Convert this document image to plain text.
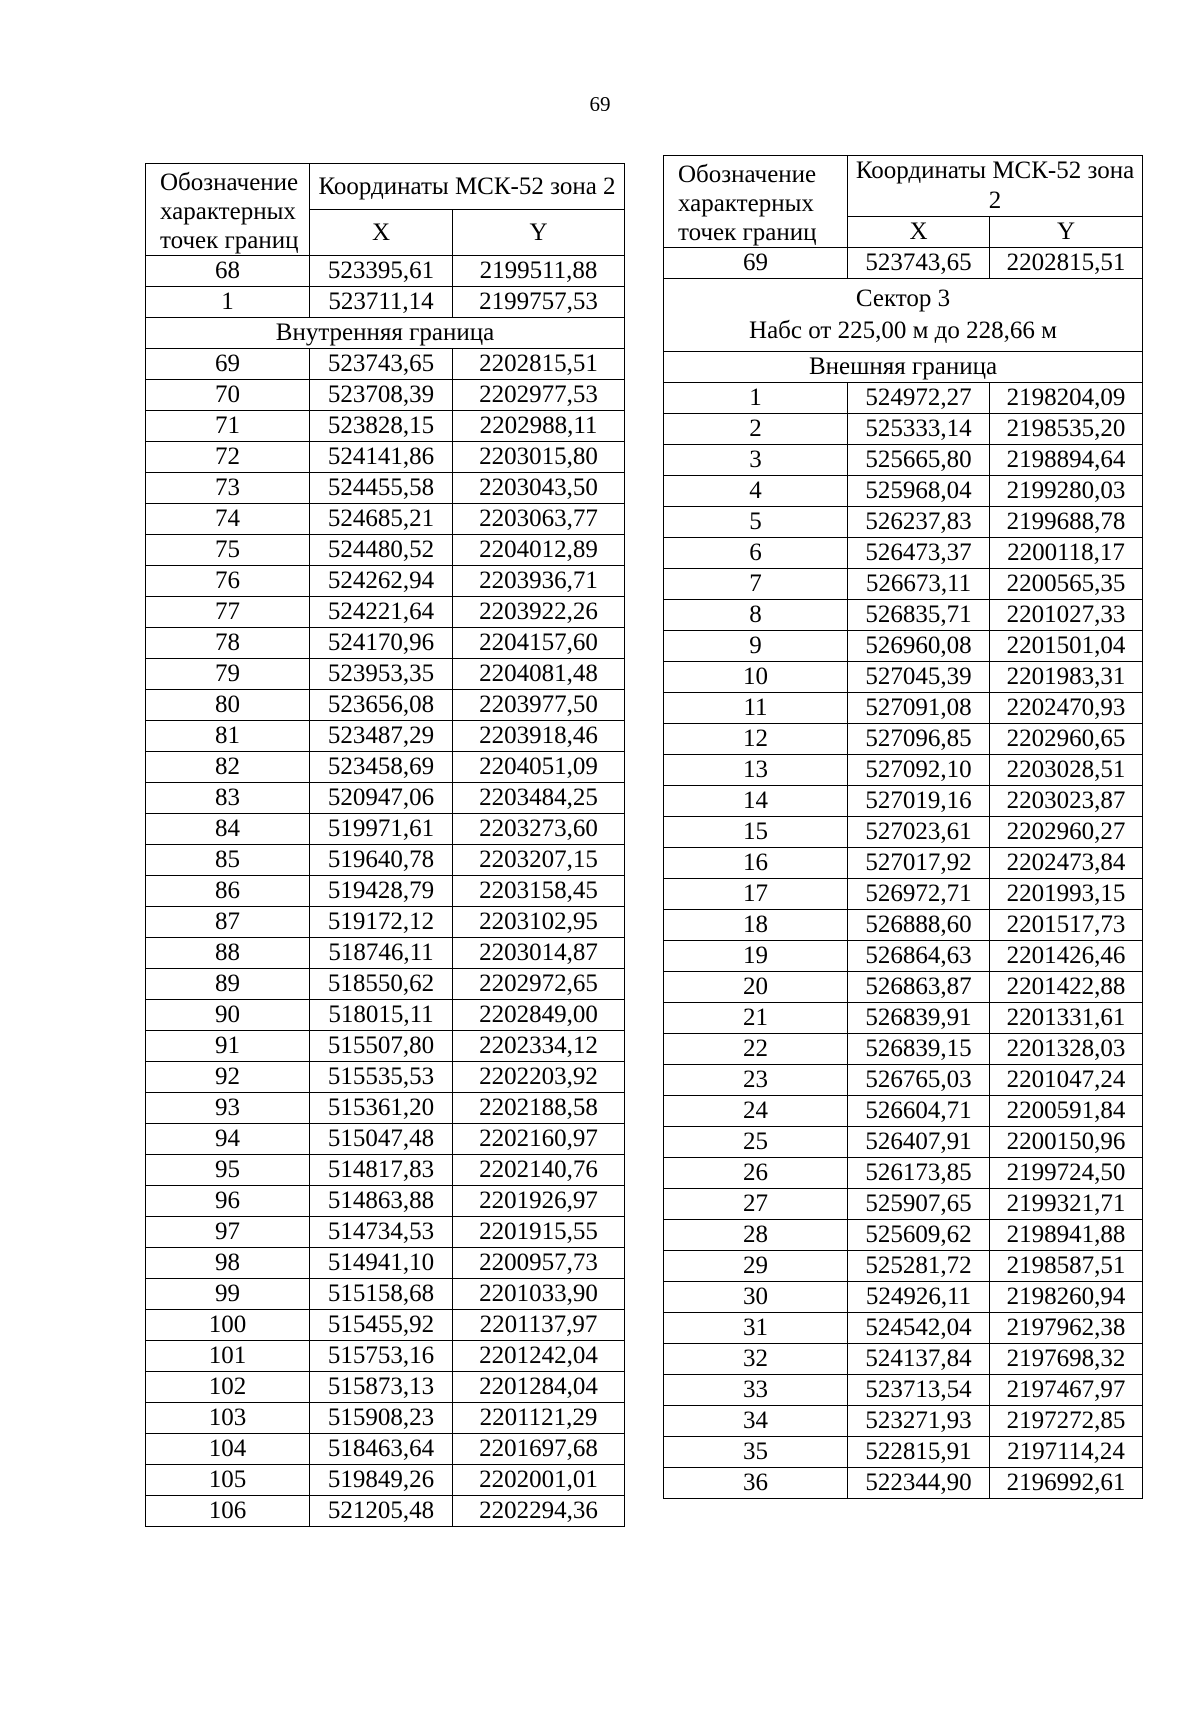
69
Обозначение характерных точек границ	Координаты МСК-52 зона 2	
	X	Y
68	523395,61	2199511,88
1	523711,14	2199757,53
Внутренняя граница		
69	523743,65	2202815,51
70	523708,39	2202977,53
71	523828,15	2202988,11
72	524141,86	2203015,80
73	524455,58	2203043,50
74	524685,21	2203063,77
75	524480,52	2204012,89
76	524262,94	2203936,71
77	524221,64	2203922,26
78	524170,96	2204157,60
79	523953,35	2204081,48
80	523656,08	2203977,50
81	523487,29	2203918,46
82	523458,69	2204051,09
83	520947,06	2203484,25
84	519971,61	2203273,60
85	519640,78	2203207,15
86	519428,79	2203158,45
87	519172,12	2203102,95
88	518746,11	2203014,87
89	518550,62	2202972,65
90	518015,11	2202849,00
91	515507,80	2202334,12
92	515535,53	2202203,92
93	515361,20	2202188,58
94	515047,48	2202160,97
95	514817,83	2202140,76
96	514863,88	2201926,97
97	514734,53	2201915,55
98	514941,10	2200957,73
99	515158,68	2201033,90
100	515455,92	2201137,97
101	515753,16	2201242,04
102	515873,13	2201284,04
103	515908,23	2201121,29
104	518463,64	2201697,68
105	519849,26	2202001,01
106	521205,48	2202294,36
Обозначение характерных точек границ	Координаты МСК-52 зона 2	
	X	Y
69	523743,65	2202815,51

Сектор 3
Набс от 225,00 м до 228,66 м		

Внешняя граница		
1	524972,27	2198204,09
2	525333,14	2198535,20
3	525665,80	2198894,64
4	525968,04	2199280,03
5	526237,83	2199688,78
6	526473,37	2200118,17
7	526673,11	2200565,35
8	526835,71	2201027,33
9	526960,08	2201501,04
10	527045,39	2201983,31
11	527091,08	2202470,93
12	527096,85	2202960,65
13	527092,10	2203028,51
14	527019,16	2203023,87
15	527023,61	2202960,27
16	527017,92	2202473,84
17	526972,71	2201993,15
18	526888,60	2201517,73
19	526864,63	2201426,46
20	526863,87	2201422,88
21	526839,91	2201331,61
22	526839,15	2201328,03
23	526765,03	2201047,24
24	526604,71	2200591,84
25	526407,91	2200150,96
26	526173,85	2199724,50
27	525907,65	2199321,71
28	525609,62	2198941,88
29	525281,72	2198587,51
30	524926,11	2198260,94
31	524542,04	2197962,38
32	524137,84	2197698,32
33	523713,54	2197467,97
34	523271,93	2197272,85
35	522815,91	2197114,24
36	522344,90	2196992,61
